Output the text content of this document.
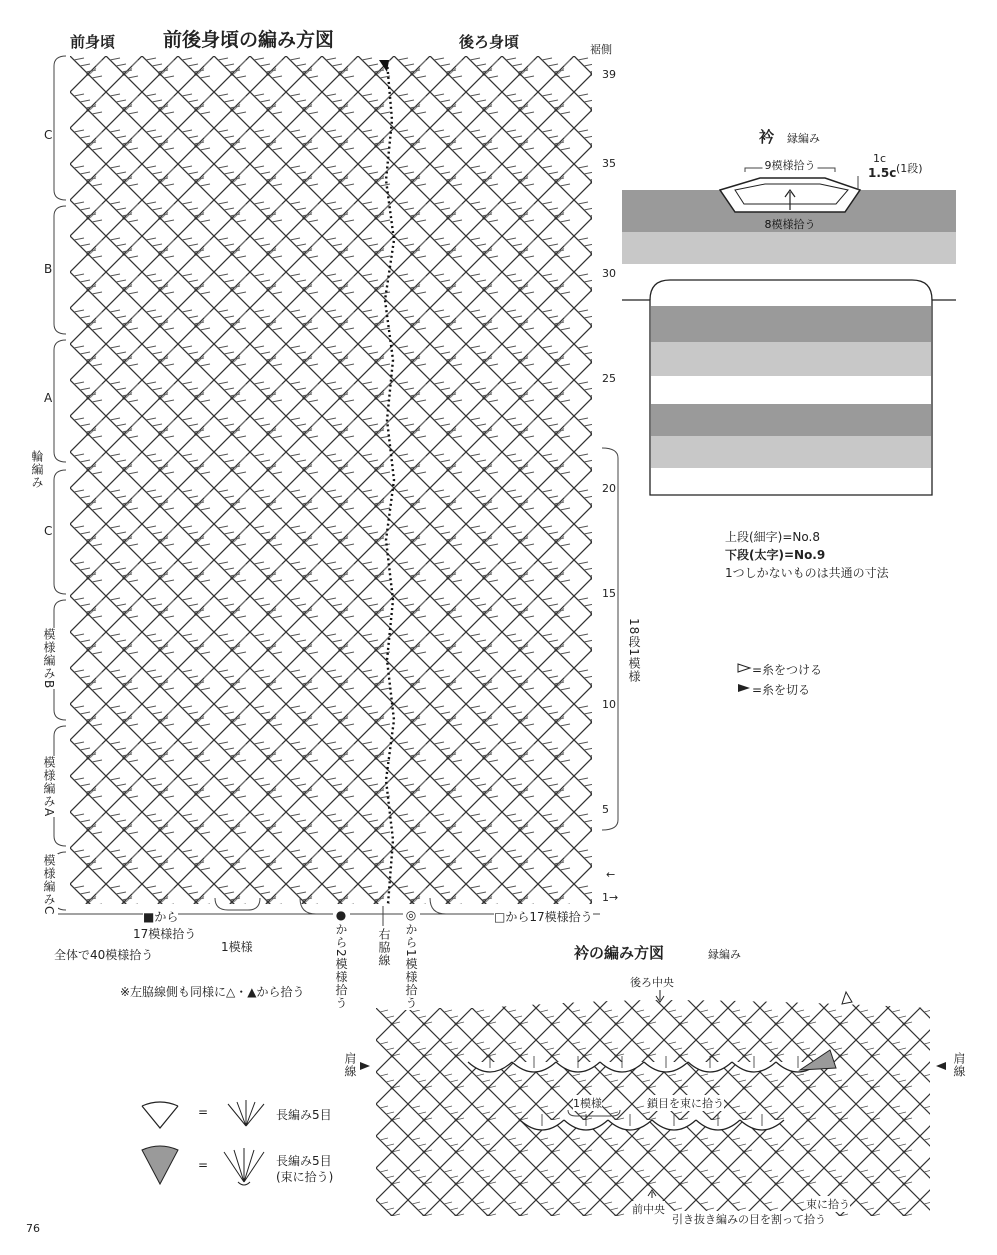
前後身頃の編み方図
前身頃	後ろ身頃	裾側
39
35
30
25
20
15
10
5
←
1→
C
B
A
輪編み
C
模様編みB
模様編みA
模様編みC
18段1模様
■から
17模様拾う
1模様	●から2模様拾う 右脇線 ◎から1模様拾う	□から17模様拾う
全体で40模様拾う
※左脇線側も同様に△・▲から拾う
衿 縁編み
9模様拾う
8模様拾う
1c
1.5c (1段)
上段(細字)=No.8
下段(太字)=No.9
1つしかないものは共通の寸法
=糸をつける
=糸を切る
衿の編み方図	縁編み
後ろ中央
肩線	肩線
1模様	鎖目を束に拾う
前中央	束に拾う
引き抜き編みの目を割って拾う
=	長編み5目
=	長編み5目
(束に拾う)
76
